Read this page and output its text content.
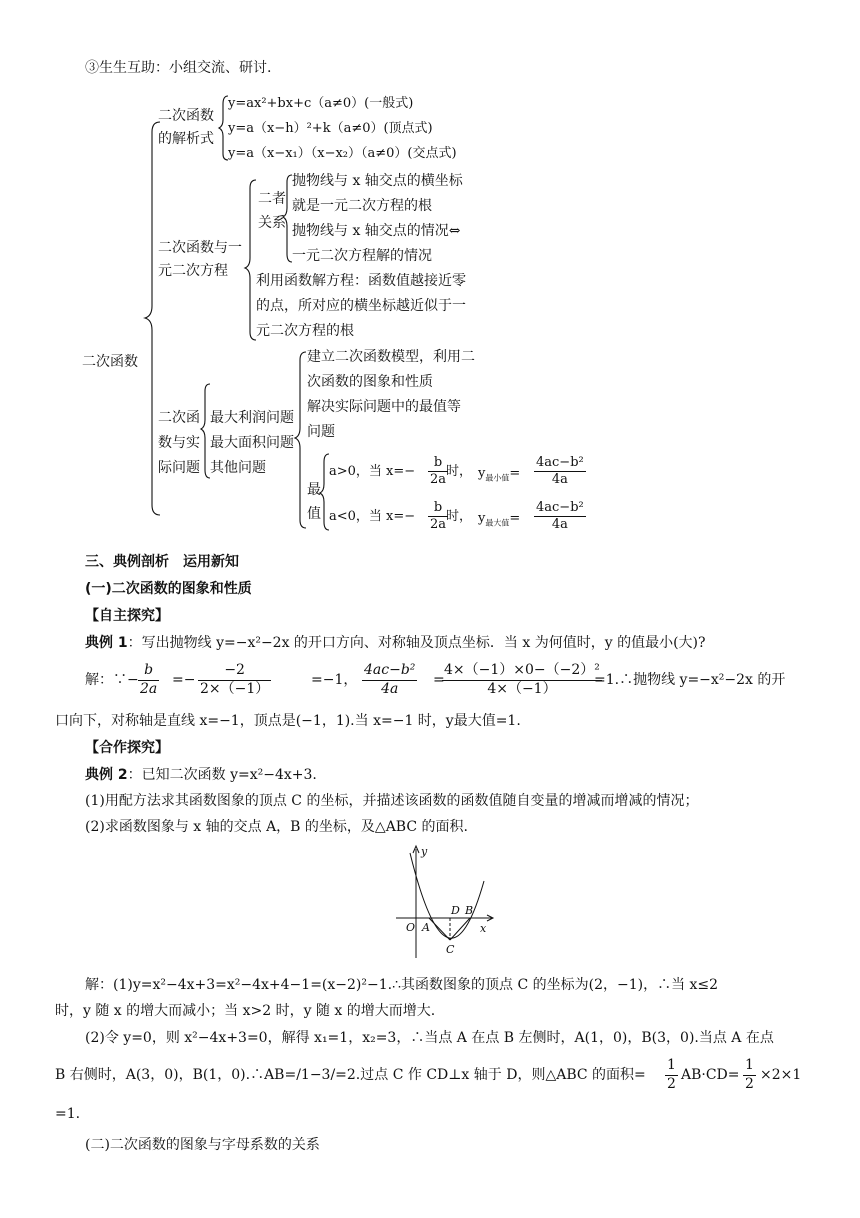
③生生互助：小组交流、研讨.
二次函数
二次函数
的解析式
y=ax²+bx+c（a≠0）(一般式)
y=a（x−h）²+k（a≠0）(顶点式)
y=a（x−x₁）（x−x₂）（a≠0）(交点式)
二次函数与一
元二次方程
二者
关系
抛物线与 x 轴交点的横坐标
就是一元二次方程的根
抛物线与 x 轴交点的情况⇔
一元二次方程解的情况
利用函数解方程：函数值越接近零
的点，所对应的横坐标越近似于一
元二次方程的根
二次函
数与实
际问题
最大利润问题
最大面积问题
其他问题
建立二次函数模型，利用二
次函数的图象和性质
解决实际问题中的最值等
问题
最
值
a>0，当 $x=- \frac{b}{2a}$
时， $y_{最小值}= \frac{\text{4ac−b²}}{4a}$
a<0，当 $x=- \frac{b}{2a}$
时， $y_{最大值}= \frac{\text{4ac−b²}}{4a}$
三、典例剖析　运用新知
(一)二次函数的图象和性质
【自主探究】
典例 1：写出抛物线 y=−x²−2x 的开口方向、对称轴及顶点坐标．当 x 为何值时，y 的值最小(大)?
解：∵− $\frac{b}{2a} =- \frac{-2}{2\times(-1)}$	=−1， $\frac{\text{4ac−b²}}{4a}$ =
$\frac{\text{4×（−1）×0−（−2）²}}{4\times(-1)}$
=1.∴抛物线 y=−x²−2x 的开
口向下，对称轴是直线 x=−1，顶点是(−1，1).当 x=−1 时，y最大值=1.
【合作探究】
典例 2：已知二次函数 y=x²−4x+3.
(1)用配方法求其函数图象的顶点 C 的坐标，并描述该函数的函数值随自变量的增减而增减的情况；
(2)求函数图象与 x 轴的交点 A，B 的坐标，及△ABC 的面积.
y
x
O A
D B
C
解：(1)y=x²−4x+3=x²−4x+4−1=(x−2)²−1.∴其函数图象的顶点 C 的坐标为(2，−1)，∴当 x≤2
时，y 随 x 的增大而减小；当 x>2 时，y 随 x 的增大而增大.
(2)令 y=0，则 x²−4x+3=0，解得 x₁=1，x₂=3，∴当点 A 在点 B 左侧时，A(1，0)，B(3，0).当点 A 在点
B 右侧时，A(3，0)，B(1，0).∴AB=/1−3/=2.过点 C 作 CD⊥x 轴于 D，则△ABC 的面积= $\frac{1}{2} AB\cdot CD= \frac{1}{2} \times 2\times 1$
=1.
(二)二次函数的图象与字母系数的关系
